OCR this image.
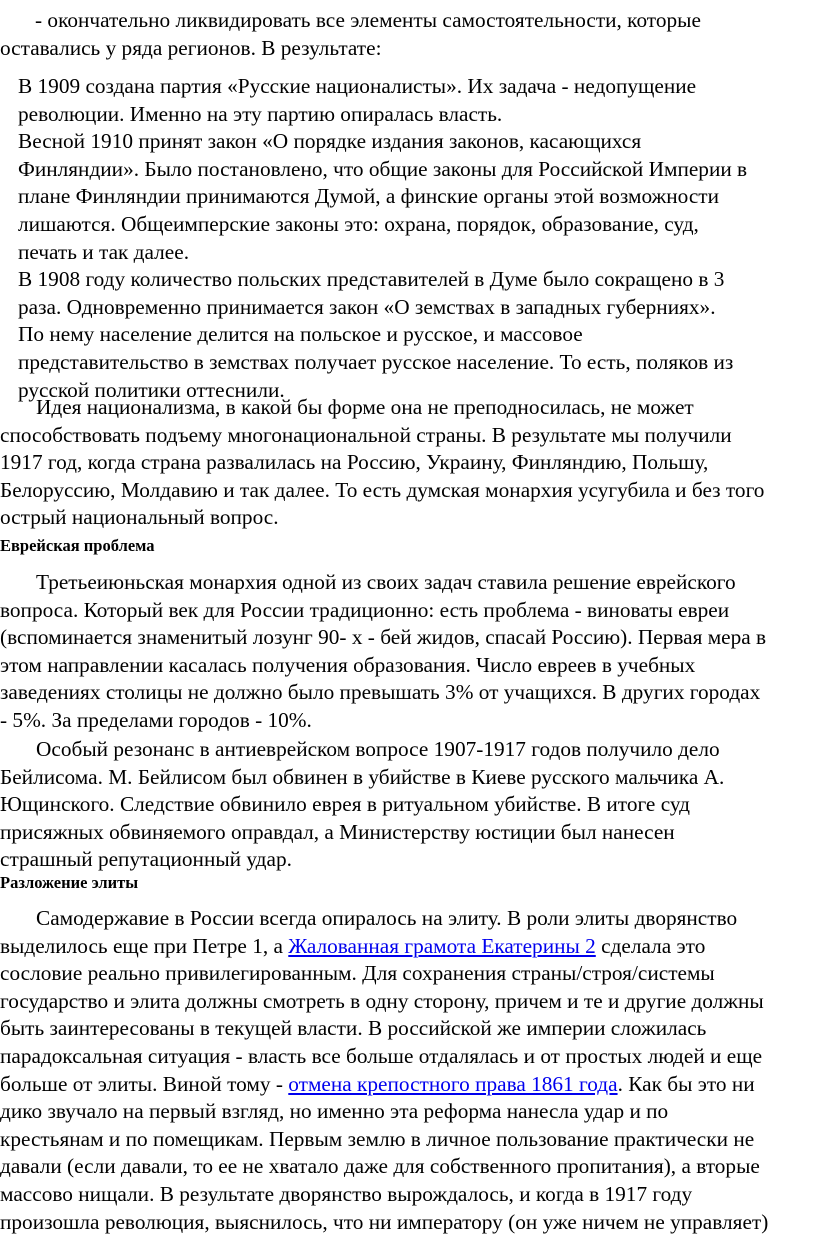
- окончательно ликвидировать все элементы самостоятельности, которые
оставались у ряда регионов. В результате:

В 1909 создана партия «Русские националисты». Их задача - недопущение
революции. Именно на эту партию опиралась власть.
Весной 1910 принят закон «О порядке издания законов, касающихся
Финляндии». Было постановлено, что общие законы для Российской Империи в
плане Финляндии принимаются Думой, а финские органы этой возможности
лишаются. Общеимперские законы это: охрана, порядок, образование, суд,
печать и так далее.
В 1908 году количество польских представителей в Думе было сокращено в 3
раза. Одновременно принимается закон «О земствах в западных губерниях».
По нему население делится на польское и русское, и массовое
представительство в земствах получает русское население. То есть, поляков из
русской политики оттеснили.

Идея национализма, в какой бы форме она не преподносилась, не может
способствовать подъему многонациональной страны. В результате мы получили
1917 год, когда страна развалилась на Россию, Украину, Финляндию, Польшу,
Белоруссию, Молдавию и так далее. То есть думская монархия усугубила и без того
острый национальный вопрос.

Еврейская проблема

Третьеиюньская монархия одной из своих задач ставила решение еврейского
вопроса. Который век для России традиционно: есть проблема - виноваты евреи
(вспоминается знаменитый лозунг 90- х - бей жидов, спасай Россию). Первая мера в
этом направлении касалась получения образования. Число евреев в учебных
заведениях столицы не должно было превышать 3% от учащихся. В других городах
- 5%. За пределами городов - 10%.

Особый резонанс в антиеврейском вопросе 1907-1917 годов получило дело
Бейлисома. М. Бейлисом был обвинен в убийстве в Киеве русского мальчика А.
Ющинского. Следствие обвинило еврея в ритуальном убийстве. В итоге суд
присяжных обвиняемого оправдал, а Министерству юстиции был нанесен
страшный репутационный удар.

Разложение элиты

Самодержавие в России всегда опиралось на элиту. В роли элиты дворянство
выделилось еще при Петре 1, а Жалованная грамота Екатерины 2 сделала это
сословие реально привилегированным. Для сохранения страны/строя/системы
государство и элита должны смотреть в одну сторону, причем и те и другие должны
быть заинтересованы в текущей власти. В российской же империи сложилась
парадоксальная ситуация - власть все больше отдалялась и от простых людей и еще
больше от элиты. Виной тому - отмена крепостного права 1861 года. Как бы это ни
дико звучало на первый взгляд, но именно эта реформа нанесла удар и по
крестьянам и по помещикам. Первым землю в личное пользование практически не
давали (если давали, то ее не хватало даже для собственного пропитания), а вторые
массово нищали. В результате дворянство вырождалось, и когда в 1917 году
произошла революция, выяснилось, что ни императору (он уже ничем не управляет)
